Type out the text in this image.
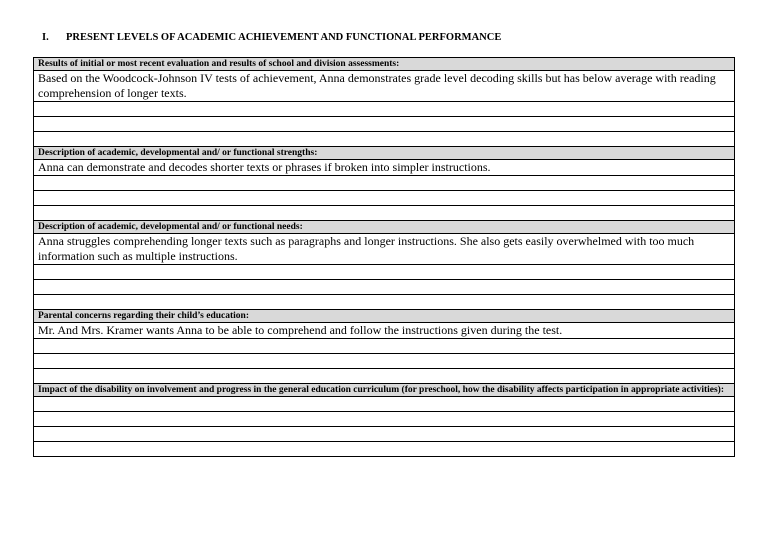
I. PRESENT LEVELS OF ACADEMIC ACHIEVEMENT AND FUNCTIONAL PERFORMANCE
Results of initial or most recent evaluation and results of school and division assessments:
Based on the Woodcock-Johnson IV tests of achievement, Anna demonstrates grade level decoding skills but has below average with reading comprehension of longer texts.
Description of academic, developmental and/ or functional strengths:
Anna can demonstrate and decodes shorter texts or phrases if broken into simpler instructions.
Description of academic, developmental and/ or functional needs:
Anna struggles comprehending longer texts such as paragraphs and longer instructions. She also gets easily overwhelmed with too much information such as multiple instructions.
Parental concerns regarding their child’s education:
Mr. And Mrs. Kramer wants Anna to be able to comprehend and follow the instructions given during the test.
Impact of the disability on involvement and progress in the general education curriculum (for preschool, how the disability affects participation in appropriate activities):
